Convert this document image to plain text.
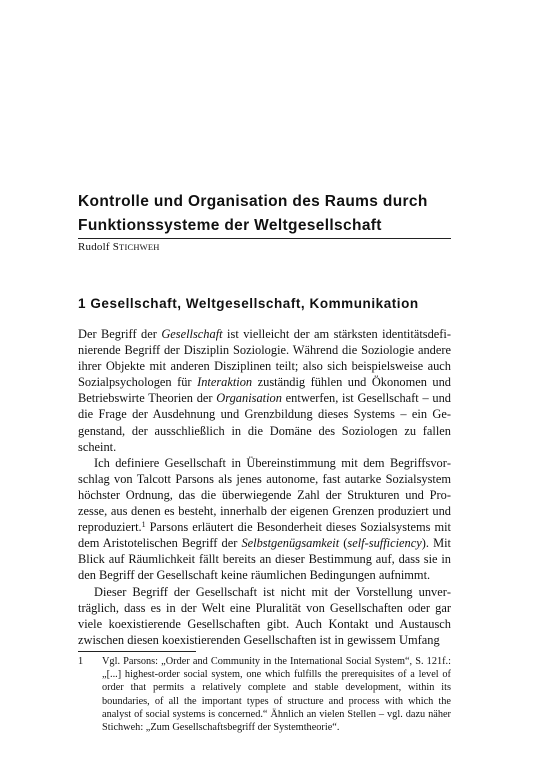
Kontrolle und Organisation des Raums durch
Funktionssysteme der Weltgesellschaft
Rudolf STICHWEH
1 Gesellschaft, Weltgesellschaft, Kommunikation

Der Begriff der Gesellschaft ist vielleicht der am stärksten identitätsdefinierende Begriff der Disziplin Soziologie. Während die Soziologie andere ihrer Objekte mit anderen Disziplinen teilt; also sich beispielsweise auch Sozialpsychologen für Interaktion zuständig fühlen und Ökonomen und Betriebswirte Theorien der Organisation entwerfen, ist Gesellschaft – und die Frage der Ausdehnung und Grenzbildung dieses Systems – ein Gegenstand, der ausschließlich in die Domäne des Soziologen zu fallen scheint.

Ich definiere Gesellschaft in Übereinstimmung mit dem Begriffsvorschlag von Talcott Parsons als jenes autonome, fast autarke Sozialsystem höchster Ordnung, das die überwiegende Zahl der Strukturen und Prozesse, aus denen es besteht, innerhalb der eigenen Grenzen produziert und reproduziert.$^1$ Parsons erläutert die Besonderheit dieses Sozialsystems mit dem Aristotelischen Begriff der Selbstgenügsamkeit (self-sufficiency). Mit Blick auf Räumlichkeit fällt bereits an dieser Bestimmung auf, dass sie in den Begriff der Gesellschaft keine räumlichen Bedingungen aufnimmt.

Dieser Begriff der Gesellschaft ist nicht mit der Vorstellung unverträglich, dass es in der Welt eine Pluralität von Gesellschaften oder gar viele koexistierende Gesellschaften gibt. Auch Kontakt und Austausch zwischen diesen koexistierenden Gesellschaften ist in gewissem Umfang

1 Vgl. Parsons: „Order and Community in the International Social System“, S. 121f.: „[...] highest-order social system, one which fulfills the prerequisites of a level of order that permits a relatively complete and stable development, within its boundaries, of all the important types of structure and process with which the analyst of social systems is concerned.“ Ähnlich an vielen Stellen – vgl. dazu näher Stichweh: „Zum Gesellschaftsbegriff der Systemtheorie“.
